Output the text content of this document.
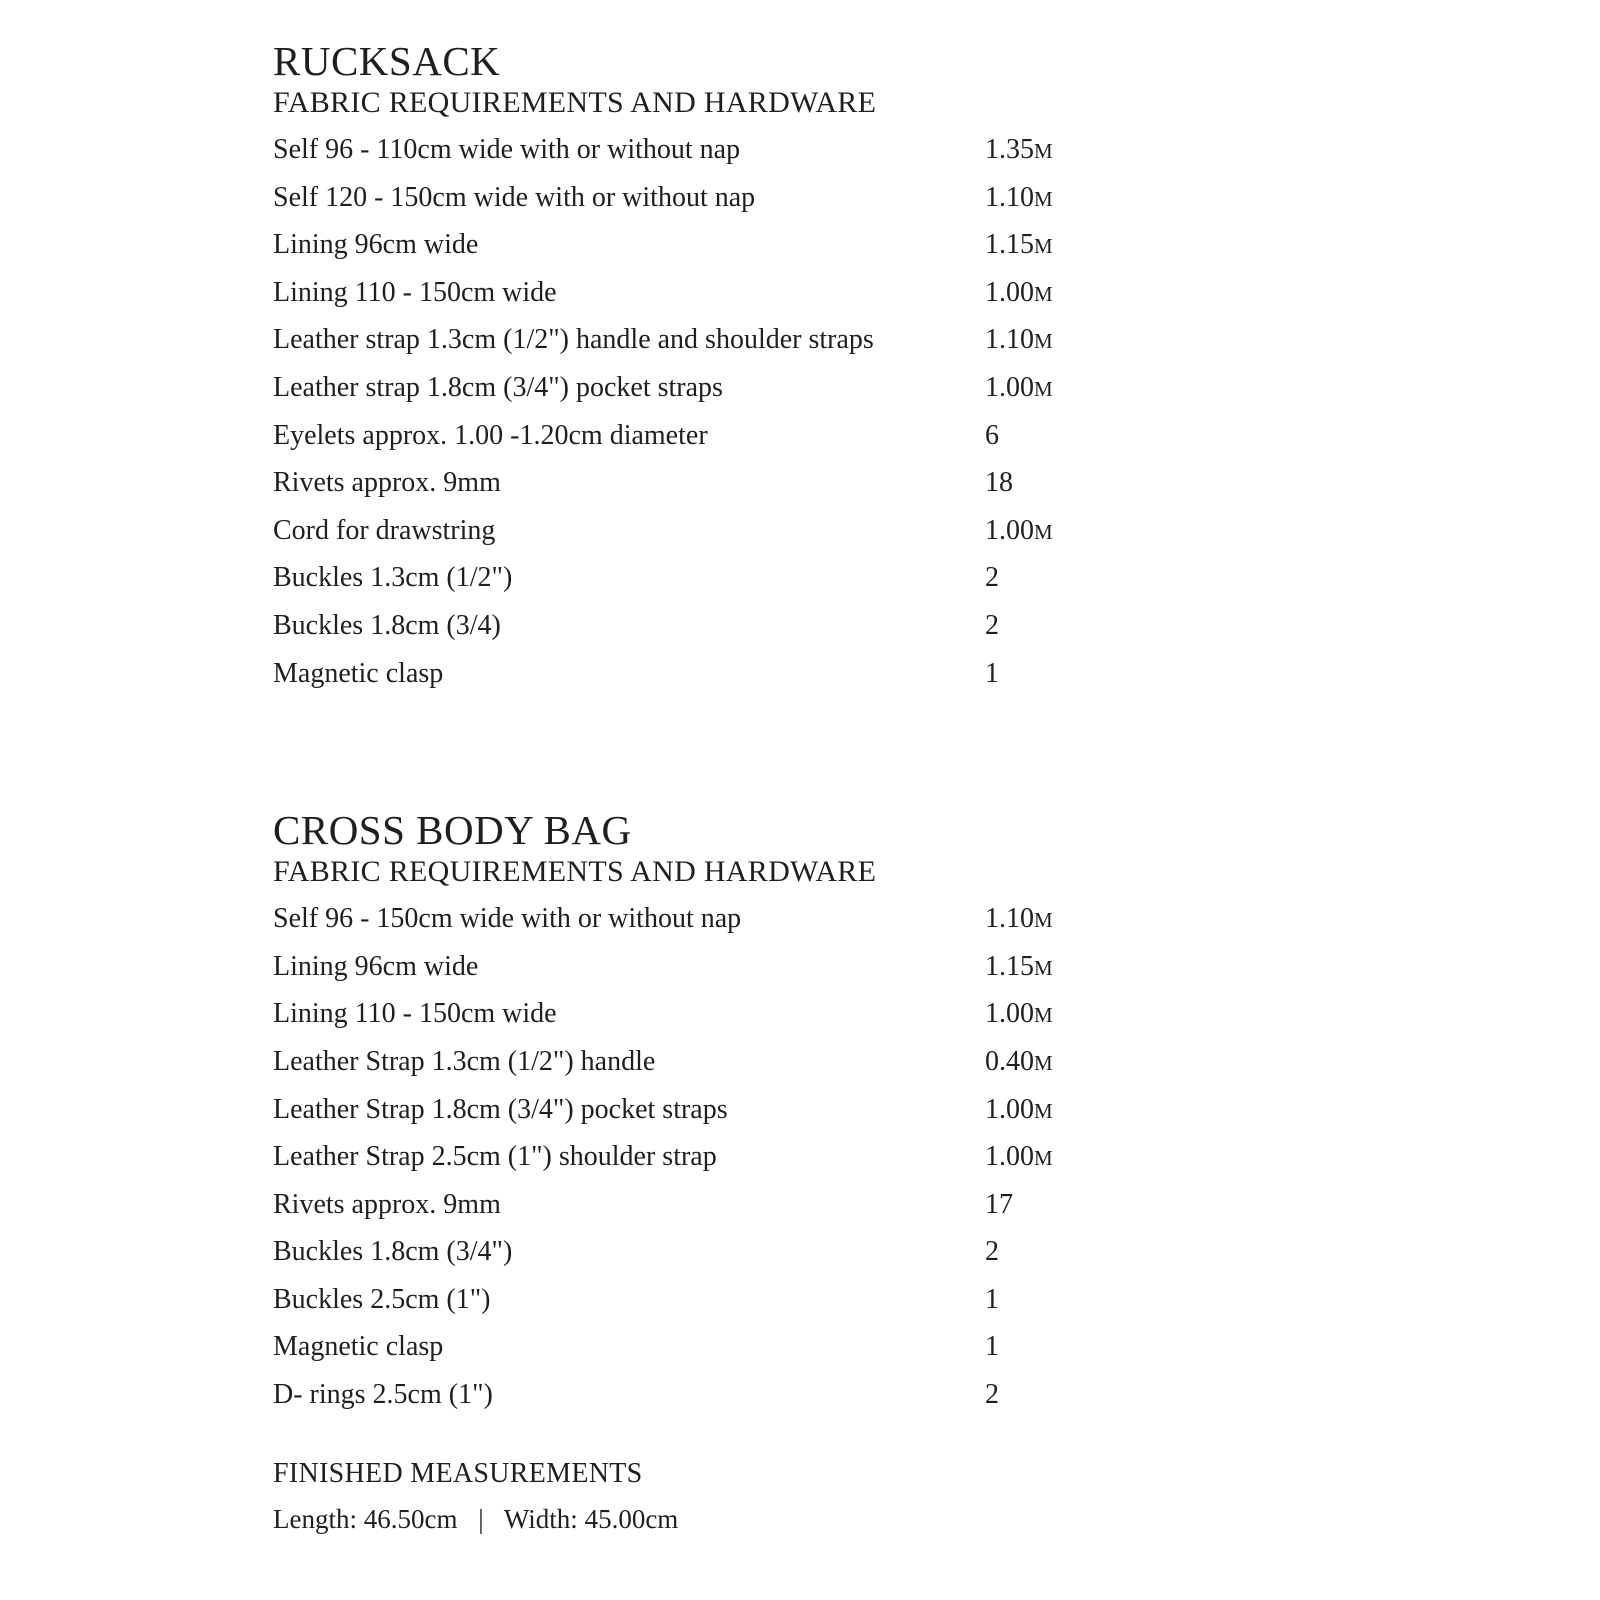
RUCKSACK
FABRIC REQUIREMENTS AND HARDWARE
Self 96 - 110cm wide with or without nap	1.35M
Self 120 - 150cm wide with or without nap	1.10M
Lining 96cm wide	1.15M
Lining 110 - 150cm wide	1.00M
Leather strap 1.3cm (1/2") handle and shoulder straps	1.10M
Leather strap 1.8cm (3/4") pocket straps	1.00M
Eyelets approx. 1.00 -1.20cm diameter	6
Rivets approx. 9mm	18
Cord for drawstring	1.00M
Buckles 1.3cm (1/2")	2
Buckles 1.8cm (3/4)	2
Magnetic clasp	1
CROSS BODY BAG
FABRIC REQUIREMENTS AND HARDWARE
Self 96 - 150cm wide with or without nap	1.10M
Lining 96cm wide	1.15M
Lining 110 - 150cm wide	1.00M
Leather Strap 1.3cm (1/2") handle	0.40M
Leather Strap 1.8cm (3/4") pocket straps	1.00M
Leather Strap 2.5cm (1") shoulder strap	1.00M
Rivets approx. 9mm	17
Buckles 1.8cm (3/4")	2
Buckles 2.5cm (1")	1
Magnetic clasp	1
D- rings 2.5cm (1")	2
FINISHED MEASUREMENTS
Length: 46.50cm | Width: 45.00cm
